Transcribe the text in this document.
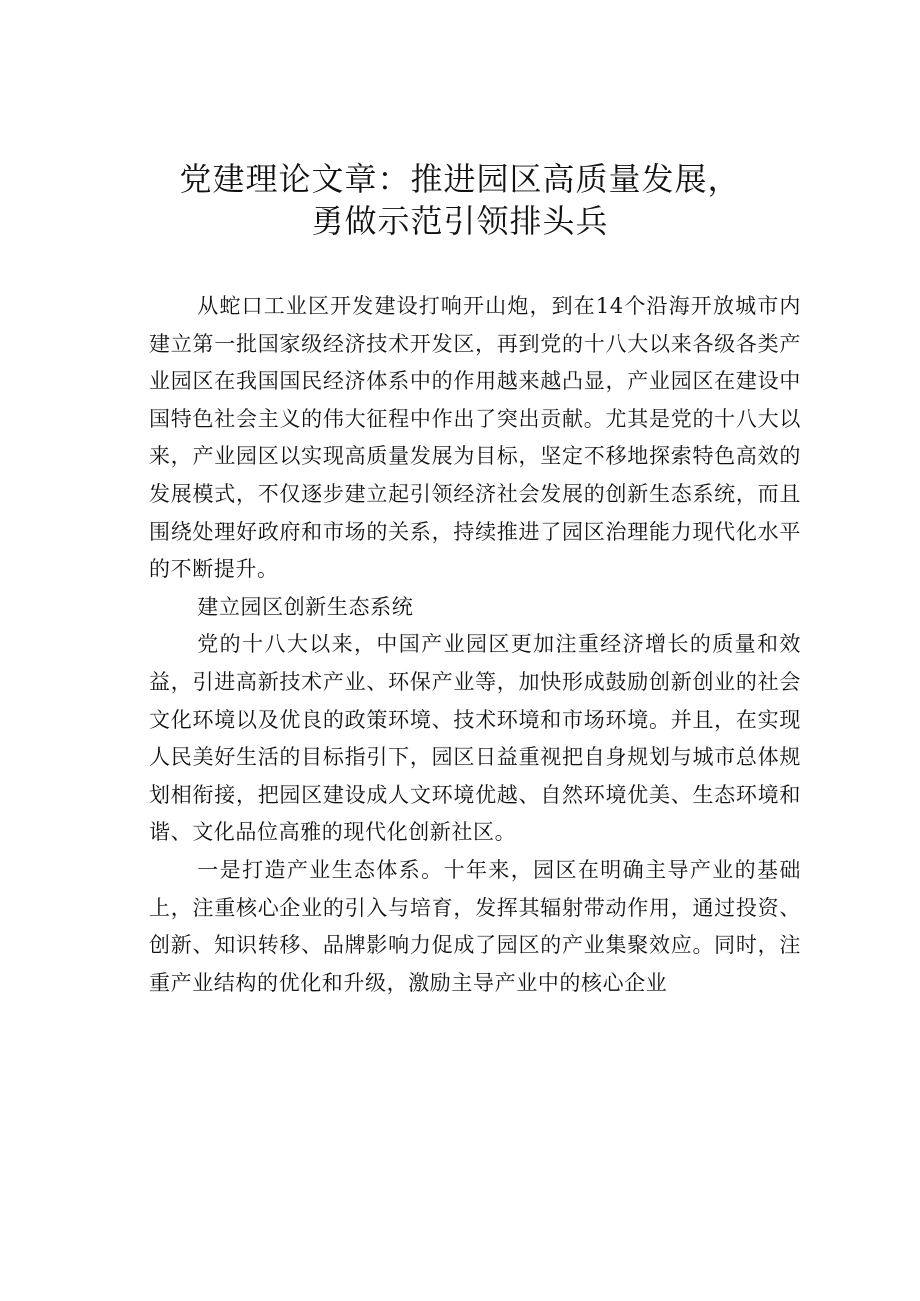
党建理论文章：推进园区高质量发展，
勇做示范引领排头兵

从蛇口工业区开发建设打响开山炮，到在14个沿海开放城市内建立第一批国家级经济技术开发区，再到党的十八大以来各级各类产业园区在我国国民经济体系中的作用越来越凸显，产业园区在建设中国特色社会主义的伟大征程中作出了突出贡献。尤其是党的十八大以来，产业园区以实现高质量发展为目标，坚定不移地探索特色高效的发展模式，不仅逐步建立起引领经济社会发展的创新生态系统，而且围绕处理好政府和市场的关系，持续推进了园区治理能力现代化水平的不断提升。

建立园区创新生态系统

党的十八大以来，中国产业园区更加注重经济增长的质量和效益，引进高新技术产业、环保产业等，加快形成鼓励创新创业的社会文化环境以及优良的政策环境、技术环境和市场环境。并且，在实现人民美好生活的目标指引下，园区日益重视把自身规划与城市总体规划相衔接，把园区建设成人文环境优越、自然环境优美、生态环境和谐、文化品位高雅的现代化创新社区。

一是打造产业生态体系。十年来，园区在明确主导产业的基础上，注重核心企业的引入与培育，发挥其辐射带动作用，通过投资、创新、知识转移、品牌影响力促成了园区的产业集聚效应。同时，注重产业结构的优化和升级，激励主导产业中的核心企业
